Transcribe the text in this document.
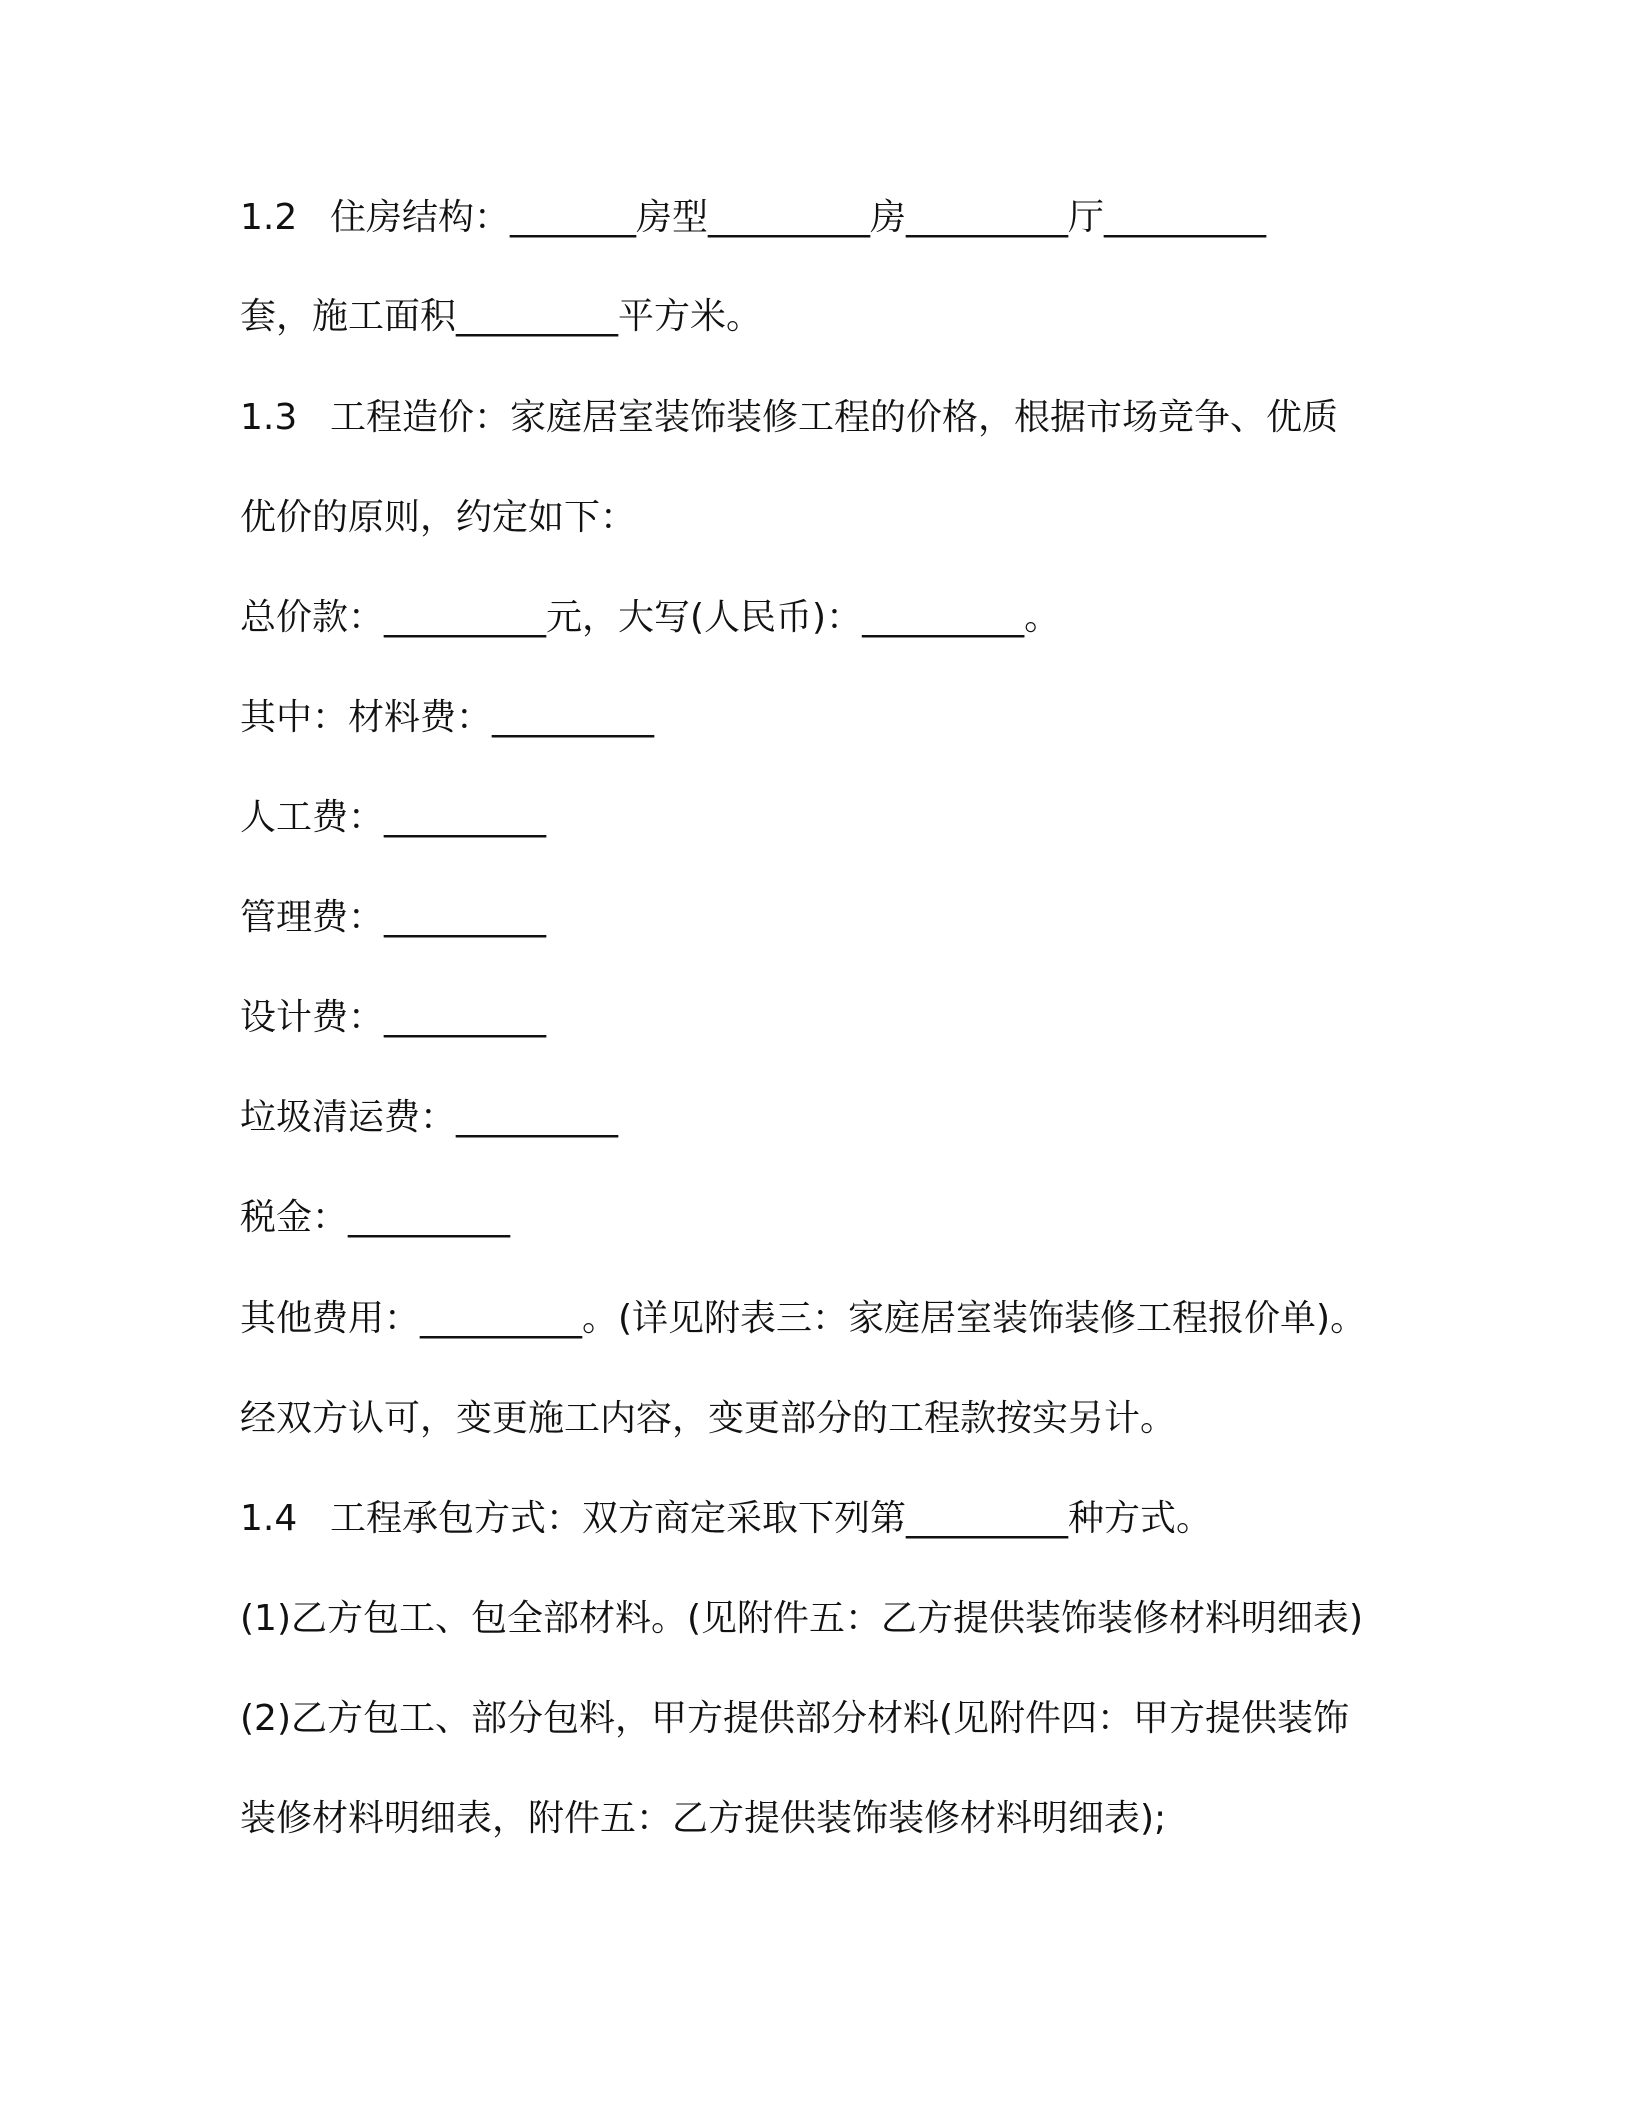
1.2 住房结构：_______房型_________房_________厅_________
套，施工面积_________平方米。
1.3 工程造价：家庭居室装饰装修工程的价格，根据市场竞争、优质
优价的原则，约定如下：
总价款：_________元，大写(人民币)：_________。
其中：材料费：_________
人工费：_________
管理费：_________
设计费：_________
垃圾清运费：_________
税金：_________
其他费用：_________。(详见附表三：家庭居室装饰装修工程报价单)。
经双方认可，变更施工内容，变更部分的工程款按实另计。
1.4 工程承包方式：双方商定采取下列第_________种方式。
(1)乙方包工、包全部材料。(见附件五：乙方提供装饰装修材料明细表)
(2)乙方包工、部分包料，甲方提供部分材料(见附件四：甲方提供装饰
装修材料明细表，附件五：乙方提供装饰装修材料明细表);
